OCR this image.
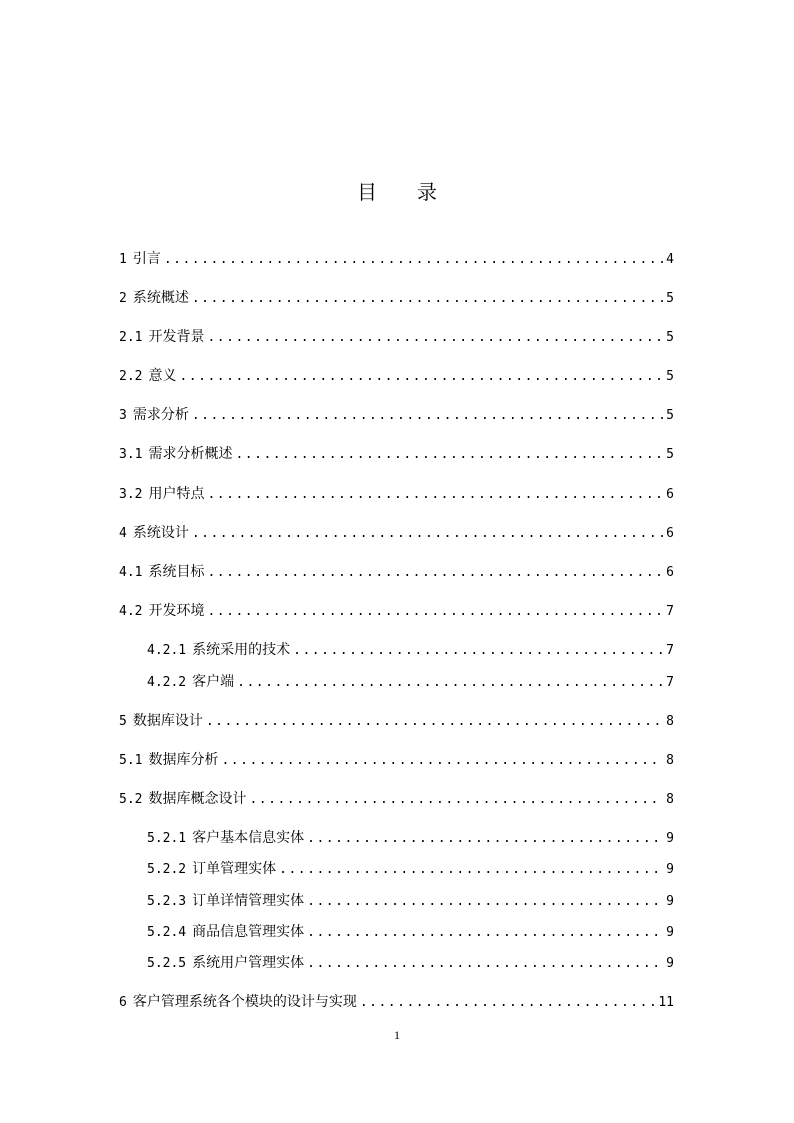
目 录
1 引言 .....	4
2 系统概述 .....	5
2.1 开发背景 .....	5
2.2 意义 .....	5
3 需求分析 .....	5
3.1 需求分析概述 .....	5
3.2 用户特点 .....	6
4 系统设计 .....	6
4.1 系统目标 .....	6
4.2 开发环境 .....	7
4.2.1 系统采用的技术 .....	7
4.2.2 客户端 .....	7
5 数据库设计 .....	8
5.1 数据库分析 .....	8
5.2 数据库概念设计 .....	8
5.2.1 客户基本信息实体 .....	9
5.2.2 订单管理实体 .....	9
5.2.3 订单详情管理实体 .....	9
5.2.4 商品信息管理实体 .....	9
5.2.5 系统用户管理实体 .....	9
6 客户管理系统各个模块的设计与实现 .....	11
1
